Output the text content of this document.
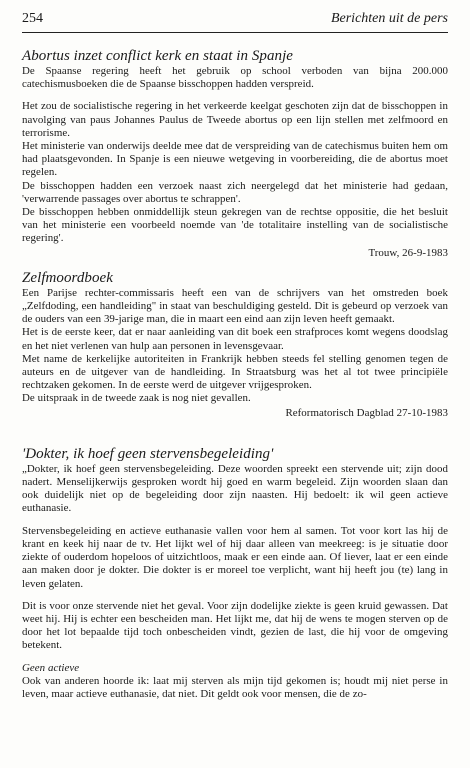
254	Berichten uit de pers
Abortus inzet conflict kerk en staat in Spanje

De Spaanse regering heeft het gebruik op school verboden van bijna 200.000 catechismusboeken die de Spaanse bisschoppen hadden verspreid.

Het zou de socialistische regering in het verkeerde keelgat geschoten zijn dat de bisschoppen in navolging van paus Johannes Paulus de Tweede abortus op een lijn stellen met zelfmoord en terrorisme.

Het ministerie van onderwijs deelde mee dat de verspreiding van de catechismus buiten hem om had plaatsgevonden. In Spanje is een nieuwe wetgeving in voorbereiding, die de abortus moet regelen.

De bisschoppen hadden een verzoek naast zich neergelegd dat het ministerie had gedaan, 'verwarrende passages over abortus te schrappen'.

De bisschoppen hebben onmiddellijk steun gekregen van de rechtse oppositie, die het besluit van het ministerie een voorbeeld noemde van 'de totalitaire instelling van de socialistische regering'.

Trouw, 26-9-1983
Zelfmoordboek

Een Parijse rechter-commissaris heeft een van de schrijvers van het omstreden boek „Zelfdoding, een handleiding" in staat van beschuldiging gesteld. Dit is gebeurd op verzoek van de ouders van een 39-jarige man, die in maart een eind aan zijn leven heeft gemaakt.

Het is de eerste keer, dat er naar aanleiding van dit boek een strafproces komt wegens doodslag en het niet verlenen van hulp aan personen in levensgevaar.

Met name de kerkelijke autoriteiten in Frankrijk hebben steeds fel stelling genomen tegen de auteurs en de uitgever van de handleiding. In Straatsburg was het al tot twee principiële rechtzaken gekomen. In de eerste werd de uitgever vrijgesproken.

De uitspraak in de tweede zaak is nog niet gevallen.

Reformatorisch Dagblad 27-10-1983
'Dokter, ik hoef geen stervensbegeleiding'

„Dokter, ik hoef geen stervensbegeleiding. Deze woorden spreekt een stervende uit; zijn dood nadert. Menselijkerwijs gesproken wordt hij goed en warm begeleid. Zijn woorden slaan dan ook duidelijk niet op de begeleiding door zijn naasten. Hij bedoelt: ik wil geen actieve euthanasie.

Stervensbegeleiding en actieve euthanasie vallen voor hem al samen. Tot voor kort las hij de krant en keek hij naar de tv. Het lijkt wel of hij daar alleen van meekreeg: is je situatie door ziekte of ouderdom hopeloos of uitzichtloos, maak er een einde aan. Of liever, laat er een einde aan maken door je dokter. Die dokter is er moreel toe verplicht, want hij heeft jou (te) lang in leven gelaten.

Dit is voor onze stervende niet het geval. Voor zijn dodelijke ziekte is geen kruid gewassen. Dat weet hij. Hij is echter een bescheiden man. Het lijkt me, dat hij de wens te mogen sterven op de door het lot bepaalde tijd toch onbescheiden vindt, gezien de last, die hij voor de omgeving betekent.

Geen actieve

Ook van anderen hoorde ik: laat mij sterven als mijn tijd gekomen is; houdt mij niet perse in leven, maar actieve euthanasie, dat niet. Dit geldt ook voor mensen, die de zo-
